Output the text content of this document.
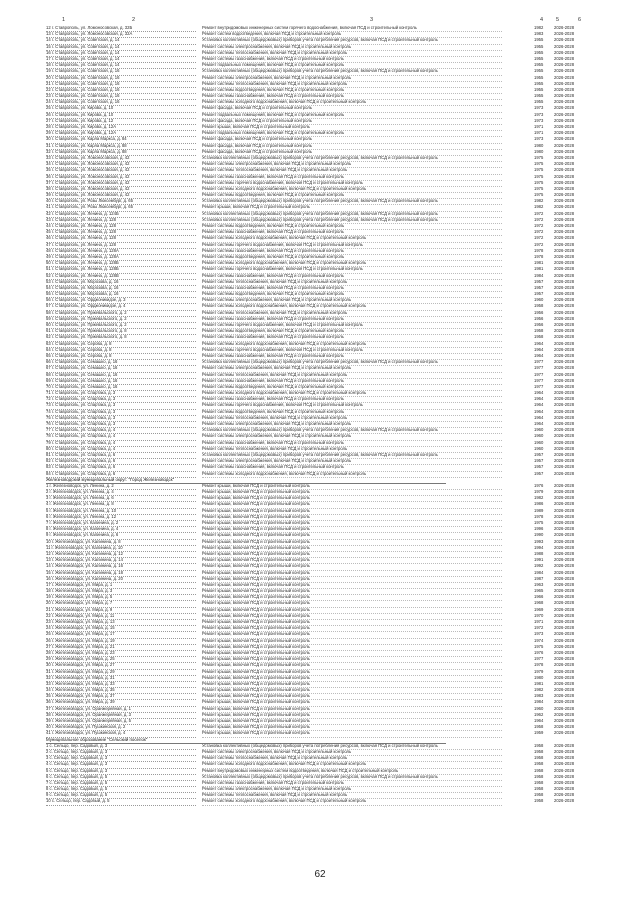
1	2	3	4 5	6
12 г. Ставрополь, ул. Ломоносовская, д. 32Б	Ремонт внутридомовых инженерных систем горячего водоснабжения, включая ПСД и строительный контроль	1982	2026-2028
13 г. Ставрополь, ул. Ломоносовская, д. 32А	Ремонт систем водоотведения, включая ПСД и строительный контроль	1983	2026-2028
14 г. Ставрополь, ул. Советская, д. 14	Установка коллективных (общедомовых) приборов учета потребления ресурсов, включая ПСД и строительный контроль	1955	2026-2028
15 г. Ставрополь, ул. Советская, д. 14	Ремонт системы электроснабжения, включая ПСД и строительный контроль	1955	2026-2028
16 г. Ставрополь, ул. Советская, д. 14	Ремонт системы теплоснабжения, включая ПСД и строительный контроль	1955	2026-2028
17 г. Ставрополь, ул. Советская, д. 14	Ремонт системы газоснабжения, включая ПСД и строительный контроль	1955	2026-2028
18 г. Ставрополь, ул. Советская, д. 14	Ремонт подвальных помещений, включая ПСД и строительный контроль	1955	2026-2028
19 г. Ставрополь, ул. Советская, д. 16	Установка коллективных (общедомовых) приборов учета потребления ресурсов, включая ПСД и строительный контроль	1955	2026-2028
20 г. Ставрополь, ул. Советская, д. 16	Ремонт системы электроснабжения, включая ПСД и строительный контроль	1955	2026-2028
21 г. Ставрополь, ул. Советская, д. 16	Ремонт системы теплоснабжения, включая ПСД и строительный контроль	1955	2026-2028
22 г. Ставрополь, ул. Советская, д. 16	Ремонт системы водоотведения, включая ПСД и строительный контроль	1955	2026-2028
23 г. Ставрополь, ул. Советская, д. 16	Ремонт системы газоснабжения, включая ПСД и строительный контроль	1955	2026-2028
24 г. Ставрополь, ул. Советская, д. 16	Ремонт системы холодного водоснабжения, включая ПСД и строительный контроль	1955	2026-2028
25 г. Ставрополь, ул. Кирова, д. 10	Ремонт фасада, включая ПСД и строительный контроль	1973	2026-2028
26 г. Ставрополь, ул. Кирова, д. 10	Ремонт подвальных помещений, включая ПСД и строительный контроль	1973	2026-2028
27 г. Ставрополь, ул. Кирова, д. 12	Ремонт фасада, включая ПСД и строительный контроль	1973	2026-2028
28 г. Ставрополь, ул. Кирова, д. 12А	Ремонт крыши, включая ПСД и строительный контроль	1971	2026-2028
29 г. Ставрополь, ул. Кирова, д. 12А	Ремонт подвальных помещений, включая ПСД и строительный контроль	1971	2026-2028
30 г. Ставрополь, ул. Карла Маркса, д. 84	Ремонт фасада, включая ПСД и строительный контроль	1973	2026-2028
31 г. Ставрополь, ул. Карла Маркса, д. 88	Ремонт фасада, включая ПСД и строительный контроль	1980	2026-2028
32 г. Ставрополь, ул. Карла Маркса, д. 88	Ремонт фасада, включая ПСД и строительный контроль	1980	2026-2028
33 г. Ставрополь, ул. Ломоносовская, д. 42	Установка коллективных (общедомовых) приборов учета потребления ресурсов, включая ПСД и строительный контроль	1975	2026-2028
34 г. Ставрополь, ул. Ломоносовская, д. 42	Ремонт системы электроснабжения, включая ПСД и строительный контроль	1975	2026-2028
35 г. Ставрополь, ул. Ломоносовская, д. 42	Ремонт системы теплоснабжения, включая ПСД и строительный контроль	1975	2026-2028
36 г. Ставрополь, ул. Ломоносовская, д. 42	Ремонт системы газоснабжения, включая ПСД и строительный контроль	1975	2026-2028
37 г. Ставрополь, ул. Ломоносовская, д. 42	Ремонт системы горячего водоснабжения, включая ПСД и строительный контроль	1975	2026-2028
38 г. Ставрополь, ул. Ломоносовская, д. 42	Ремонт системы холодного водоснабжения, включая ПСД и строительный контроль	1975	2026-2028
39 г. Ставрополь, ул. Ломоносовская, д. 42	Ремонт системы водоотведения, включая ПСД и строительный контроль	1975	2026-2028
40 г. Ставрополь, ул. Розы Люксембург, д. 65	Установка коллективных (общедомовых) приборов учета потребления ресурсов, включая ПСД и строительный контроль	1982	2026-2028
41 г. Ставрополь, ул. Розы Люксембург, д. 65	Ремонт крыши, включая ПСД и строительный контроль	1982	2026-2028
42 г. Ставрополь, ул. Ленина, д. 124Б	Установка коллективных (общедомовых) приборов учета потребления ресурсов, включая ПСД и строительный контроль	1972	2026-2028
43 г. Ставрополь, ул. Ленина, д. 128	Установка коллективных (общедомовых) приборов учета потребления ресурсов, включая ПСД и строительный контроль	1972	2026-2028
44 г. Ставрополь, ул. Ленина, д. 128	Ремонт системы водоотведения, включая ПСД и строительный контроль	1972	2026-2028
45 г. Ставрополь, ул. Ленина, д. 128	Ремонт системы газоснабжения, включая ПСД и строительный контроль	1972	2026-2028
46 г. Ставрополь, ул. Ленина, д. 128	Ремонт системы холодного водоснабжения, включая ПСД и строительный контроль	1972	2026-2028
47 г. Ставрополь, ул. Ленина, д. 128	Ремонт системы горячего водоснабжения, включая ПСД и строительный контроль	1972	2026-2028
48 г. Ставрополь, ул. Ленина, д. 128А	Ремонт системы газоснабжения, включая ПСД и строительный контроль	1978	2026-2028
49 г. Ставрополь, ул. Ленина, д. 128А	Ремонт системы водоотведения, включая ПСД и строительный контроль	1978	2026-2028
50 г. Ставрополь, ул. Ленина, д. 128Б	Ремонт системы холодного водоснабжения, включая ПСД и строительный контроль	1981	2026-2028
51 г. Ставрополь, ул. Ленина, д. 128Б	Ремонт системы горячего водоснабжения, включая ПСД и строительный контроль	1981	2026-2028
52 г. Ставрополь, ул. Ленина, д. 128В	Ремонт системы газоснабжения, включая ПСД и строительный контроль	1984	2026-2028
53 г. Ставрополь, ул. Морозова, д. 16	Ремонт системы теплоснабжения, включая ПСД и строительный контроль	1957	2026-2028
54 г. Ставрополь, ул. Морозова, д. 16	Ремонт системы газоснабжения, включая ПСД и строительный контроль	1957	2026-2028
55 г. Ставрополь, ул. Морозова, д. 16	Ремонт системы водоотведения, включая ПСД и строительный контроль	1957	2026-2028
56 г. Ставрополь, ул. Орджоникидзе, д. 3	Ремонт системы электроснабжения, включая ПСД и строительный контроль	1960	2026-2028
57 г. Ставрополь, ул. Орджоникидзе, д. 4	Ремонт системы холодного водоснабжения, включая ПСД и строительный контроль	1958	2026-2028
58 г. Ставрополь, ул. Пржевальского, д. 2	Ремонт системы теплоснабжения, включая ПСД и строительный контроль	1956	2026-2028
59 г. Ставрополь, ул. Пржевальского, д. 2	Ремонт системы газоснабжения, включая ПСД и строительный контроль	1956	2026-2028
60 г. Ставрополь, ул. Пржевальского, д. 2	Ремонт системы горячего водоснабжения, включая ПСД и строительный контроль	1956	2026-2028
61 г. Ставрополь, ул. Пржевальского, д. 8	Ремонт системы водоотведения, включая ПСД и строительный контроль	1958	2026-2028
62 г. Ставрополь, ул. Пржевальского, д. 8	Ремонт системы газоснабжения, включая ПСД и строительный контроль	1958	2026-2028
63 г. Ставрополь, ул. Серова, д. 8	Ремонт системы холодного водоснабжения, включая ПСД и строительный контроль	1964	2026-2028
64 г. Ставрополь, ул. Серова, д. 8	Ремонт системы горячего водоснабжения, включая ПСД и строительный контроль	1964	2026-2028
65 г. Ставрополь, ул. Серова, д. 8	Ремонт системы газоснабжения, включая ПСД и строительный контроль	1964	2026-2028
66 г. Ставрополь, ул. Семашко, д. 16	Установка коллективных (общедомовых) приборов учета потребления ресурсов, включая ПСД и строительный контроль	1977	2026-2028
67 г. Ставрополь, ул. Семашко, д. 16	Ремонт системы электроснабжения, включая ПСД и строительный контроль	1977	2026-2028
68 г. Ставрополь, ул. Семашко, д. 16	Ремонт системы теплоснабжения, включая ПСД и строительный контроль	1977	2026-2028
69 г. Ставрополь, ул. Семашко, д. 16	Ремонт системы газоснабжения, включая ПСД и строительный контроль	1977	2026-2028
70 г. Ставрополь, ул. Семашко, д. 16	Ремонт системы водоотведения, включая ПСД и строительный контроль	1977	2026-2028
71 г. Ставрополь, ул. Спартака, д. 3	Ремонт системы холодного водоснабжения, включая ПСД и строительный контроль	1964	2026-2028
72 г. Ставрополь, ул. Спартака, д. 3	Ремонт системы газоснабжения, включая ПСД и строительный контроль	1964	2026-2028
73 г. Ставрополь, ул. Спартака, д. 3	Ремонт системы горячего водоснабжения, включая ПСД и строительный контроль	1964	2026-2028
74 г. Ставрополь, ул. Спартака, д. 3	Ремонт системы водоотведения, включая ПСД и строительный контроль	1964	2026-2028
75 г. Ставрополь, ул. Спартака, д. 3	Ремонт системы теплоснабжения, включая ПСД и строительный контроль	1964	2026-2028
76 г. Ставрополь, ул. Спартака, д. 3	Ремонт системы электроснабжения, включая ПСД и строительный контроль	1964	2026-2028
77 г. Ставрополь, ул. Спартака, д. 4	Установка коллективных (общедомовых) приборов учета потребления ресурсов, включая ПСД и строительный контроль	1960	2026-2028
78 г. Ставрополь, ул. Спартака, д. 4	Ремонт системы электроснабжения, включая ПСД и строительный контроль	1960	2026-2028
79 г. Ставрополь, ул. Спартака, д. 4	Ремонт системы газоснабжения, включая ПСД и строительный контроль	1960	2026-2028
80 г. Ставрополь, ул. Спартака, д. 4	Ремонт системы теплоснабжения, включая ПСД и строительный контроль	1960	2026-2028
81 г. Ставрополь, ул. Спартака, д. 6	Установка коллективных (общедомовых) приборов учета потребления ресурсов, включая ПСД и строительный контроль	1957	2026-2028
82 г. Ставрополь, ул. Спартака, д. 6	Ремонт системы электроснабжения, включая ПСД и строительный контроль	1957	2026-2028
83 г. Ставрополь, ул. Спартака, д. 6	Ремонт системы газоснабжения, включая ПСД и строительный контроль	1957	2026-2028
84 г. Ставрополь, ул. Спартака, д. 6	Ремонт системы холодного водоснабжения, включая ПСД и строительный контроль	1957	2026-2028
Железноводский муниципальный округ: "Город Железноводск"
1 г. Железноводск, ул. Ленина, д. 2	Ремонт крыши, включая ПСД и строительный контроль	1976	2026-2028
2 г. Железноводск, ул. Ленина, д. 4	Ремонт крыши, включая ПСД и строительный контроль	1979	2026-2028
3 г. Железноводск, ул. Ленина, д. 6	Ремонт крыши, включая ПСД и строительный контроль	1982	2026-2028
4 г. Железноводск, ул. Ленина, д. 8	Ремонт крыши, включая ПСД и строительный контроль	1986	2026-2028
5 г. Железноводск, ул. Ленина, д. 10	Ремонт крыши, включая ПСД и строительный контроль	1989	2026-2028
6 г. Железноводск, ул. Ленина, д. 12	Ремонт крыши, включая ПСД и строительный контроль	1978	2026-2028
7 г. Железноводск, ул. Калинина, д. 2	Ремонт крыши, включая ПСД и строительный контроль	1975	2026-2028
8 г. Железноводск, ул. Калинина, д. 4	Ремонт крыши, включая ПСД и строительный контроль	1996	2026-2028
9 г. Железноводск, ул. Калинина, д. 6	Ремонт крыши, включая ПСД и строительный контроль	1990	2026-2028
10 г. Железноводск, ул. Калинина, д. 8	Ремонт крыши, включая ПСД и строительный контроль	1993	2026-2028
11 г. Железноводск, ул. Калинина, д. 10	Ремонт крыши, включая ПСД и строительный контроль	1994	2026-2028
12 г. Железноводск, ул. Калинина, д. 12	Ремонт крыши, включая ПСД и строительный контроль	1988	2026-2028
13 г. Железноводск, ул. Калинина, д. 14	Ремонт крыши, включая ПСД и строительный контроль	1991	2026-2028
14 г. Железноводск, ул. Калинина, д. 16	Ремонт крыши, включая ПСД и строительный контроль	1992	2026-2028
15 г. Железноводск, ул. Калинина, д. 18	Ремонт крыши, включая ПСД и строительный контроль	1984	2026-2028
16 г. Железноводск, ул. Калинина, д. 20	Ремонт крыши, включая ПСД и строительный контроль	1987	2026-2028
17 г. Железноводск, ул. Мира, д. 1	Ремонт крыши, включая ПСД и строительный контроль	1963	2026-2028
18 г. Железноводск, ул. Мира, д. 3	Ремонт крыши, включая ПСД и строительный контроль	1965	2026-2028
19 г. Железноводск, ул. Мира, д. 5	Ремонт крыши, включая ПСД и строительный контроль	1966	2026-2028
20 г. Железноводск, ул. Мира, д. 7	Ремонт крыши, включая ПСД и строительный контроль	1968	2026-2028
21 г. Железноводск, ул. Мира, д. 9	Ремонт крыши, включая ПСД и строительный контроль	1969	2026-2028
22 г. Железноводск, ул. Мира, д. 11	Ремонт крыши, включая ПСД и строительный контроль	1970	2026-2028
23 г. Железноводск, ул. Мира, д. 13	Ремонт крыши, включая ПСД и строительный контроль	1971	2026-2028
24 г. Железноводск, ул. Мира, д. 15	Ремонт крыши, включая ПСД и строительный контроль	1972	2026-2028
25 г. Железноводск, ул. Мира, д. 17	Ремонт крыши, включая ПСД и строительный контроль	1973	2026-2028
26 г. Железноводск, ул. Мира, д. 19	Ремонт крыши, включая ПСД и строительный контроль	1974	2026-2028
27 г. Железноводск, ул. Мира, д. 21	Ремонт крыши, включая ПСД и строительный контроль	1975	2026-2028
28 г. Железноводск, ул. Мира, д. 23	Ремонт крыши, включая ПСД и строительный контроль	1976	2026-2028
29 г. Железноводск, ул. Мира, д. 25	Ремонт крыши, включая ПСД и строительный контроль	1977	2026-2028
30 г. Железноводск, ул. Мира, д. 27	Ремонт крыши, включая ПСД и строительный контроль	1978	2026-2028
31 г. Железноводск, ул. Мира, д. 29	Ремонт крыши, включая ПСД и строительный контроль	1979	2026-2028
32 г. Железноводск, ул. Мира, д. 31	Ремонт крыши, включая ПСД и строительный контроль	1980	2026-2028
33 г. Железноводск, ул. Мира, д. 33	Ремонт крыши, включая ПСД и строительный контроль	1981	2026-2028
34 г. Железноводск, ул. Мира, д. 35	Ремонт крыши, включая ПСД и строительный контроль	1982	2026-2028
35 г. Железноводск, ул. Мира, д. 37	Ремонт крыши, включая ПСД и строительный контроль	1983	2026-2028
36 г. Железноводск, ул. Мира, д. 39	Ремонт крыши, включая ПСД и строительный контроль	1984	2026-2028
37 г. Железноводск, ул. Оранжерейная, д. 1	Ремонт крыши, включая ПСД и строительный контроль	1960	2026-2028
38 г. Железноводск, ул. Оранжерейная, д. 3	Ремонт крыши, включая ПСД и строительный контроль	1962	2026-2028
39 г. Железноводск, ул. Оранжерейная, д. 5	Ремонт крыши, включая ПСД и строительный контроль	1964	2026-2028
40 г. Железноводск, ул. Пушкинская, д. 2	Ремонт крыши, включая ПСД и строительный контроль	1958	2026-2028
41 г. Железноводск, ул. Пушкинская, д. 4	Ремонт крыши, включая ПСД и строительный контроль	1959	2026-2028
Муниципальное образование "Сельский поселок"
1 с. Сельцо, пер. Садовый, д. 3	Установка коллективных (общедомовых) приборов учета потребления ресурсов, включая ПСД и строительный контроль	1958	2026-2028
2 с. Сельцо, пер. Садовый, д. 3	Ремонт системы электроснабжения, включая ПСД и строительный контроль	1958	2026-2028
3 с. Сельцо, пер. Садовый, д. 3	Ремонт системы теплоснабжения, включая ПСД и строительный контроль	1958	2026-2028
4 с. Сельцо, пер. Садовый, д. 3	Ремонт системы холодного водоснабжения, включая ПСД и строительный контроль	1958	2026-2028
5 с. Сельцо, пер. Садовый, д. 3	Ремонт внутридомовых инженерных систем водоотведения, включая ПСД и строительный контроль	1958	2026-2028
6 с. Сельцо, пер. Садовый, д. 5	Установка коллективных (общедомовых) приборов учета потребления ресурсов, включая ПСД и строительный контроль	1958	2026-2028
7 с. Сельцо, пер. Садовый, д. 5	Ремонт системы газоснабжения, включая ПСД и строительный контроль	1958	2026-2028
8 с. Сельцо, пер. Садовый, д. 5	Ремонт системы электроснабжения, включая ПСД и строительный контроль	1958	2026-2028
9 с. Сельцо, пер. Садовый, д. 5	Ремонт системы теплоснабжения, включая ПСД и строительный контроль	1958	2026-2028
10 с. Сельцо, пер. Садовый, д. 5	Ремонт системы холодного водоснабжения, включая ПСД и строительный контроль	1958	2026-2028
62
